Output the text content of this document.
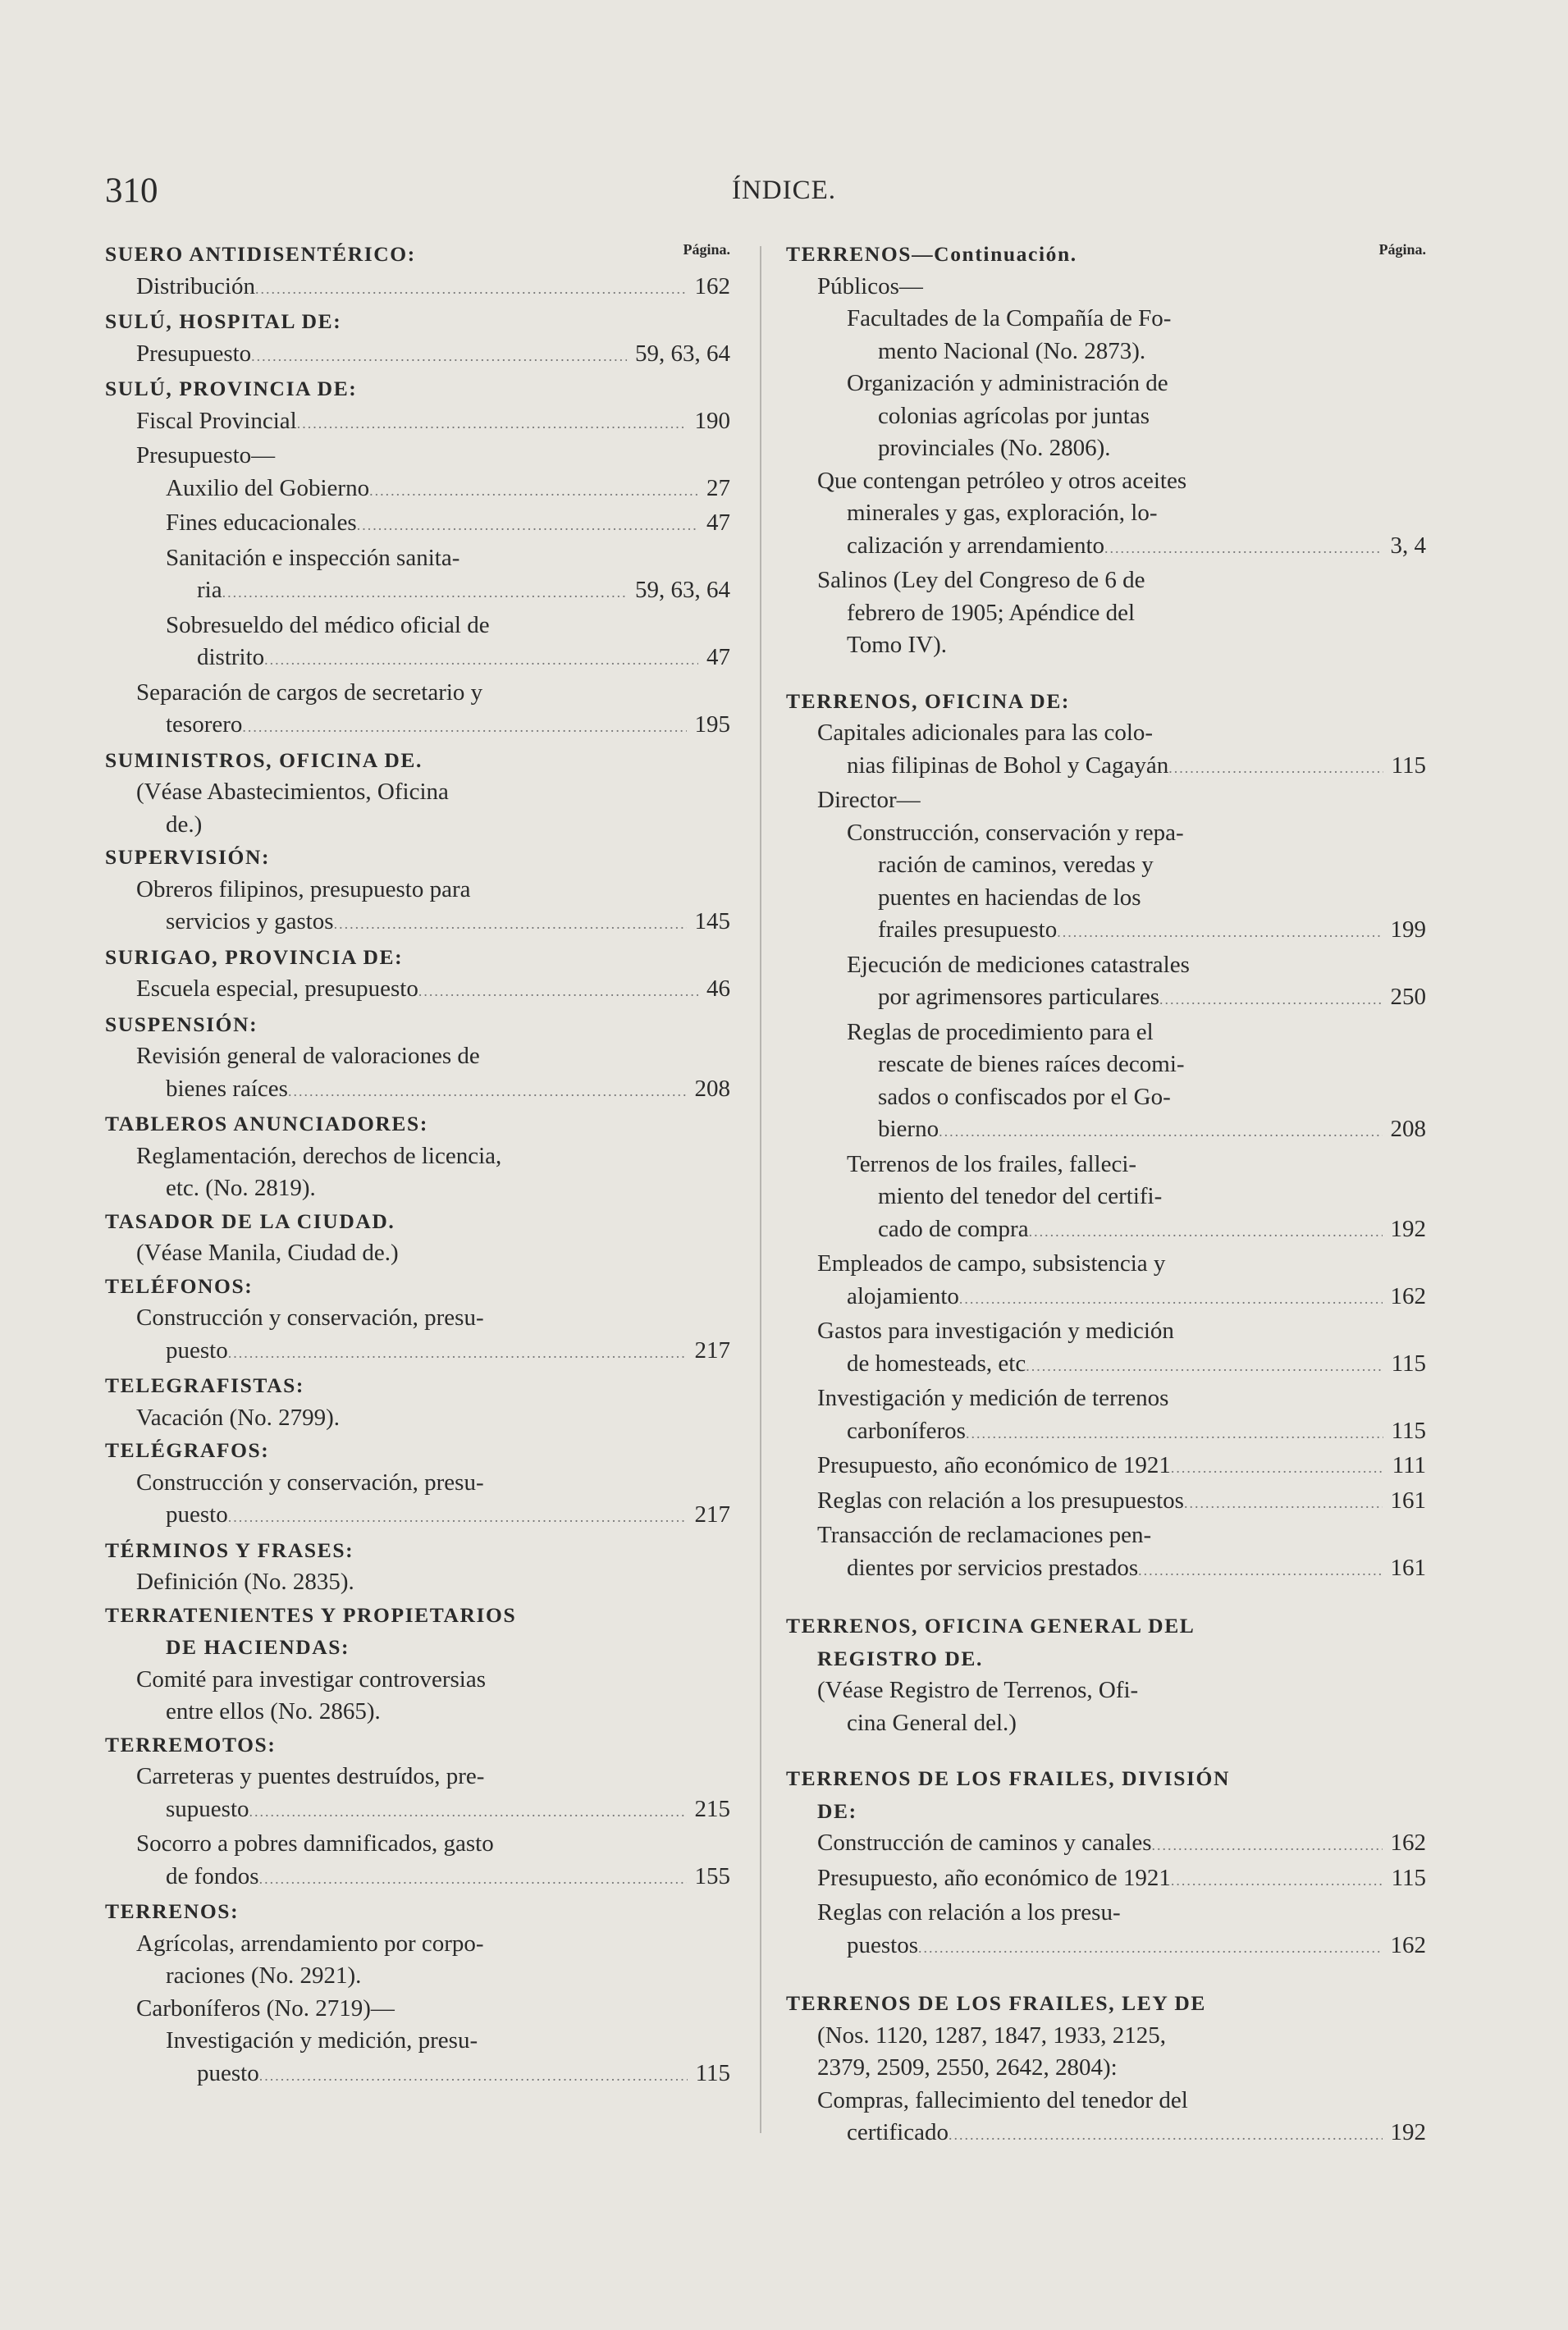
310	ÍNDICE.
Página.
SUERO ANTIDISENTÉRICO:
Distribución .....	162
SULÚ, HOSPITAL DE:
Presupuesto .....	59, 63, 64
SULÚ, PROVINCIA DE:
Fiscal Provincial .....	190
Presupuesto—
Auxilio del Gobierno .....	27
Fines educacionales .....	47
Sanitación e inspección sanita-
ria .....	59, 63, 64
Sobresueldo del médico oficial de
distrito .....	47
Separación de cargos de secretario y
tesorero .....	195
SUMINISTROS, OFICINA DE.
(Véase Abastecimientos, Oficina
de.)
SUPERVISIÓN:
Obreros filipinos, presupuesto para
servicios y gastos .....	145
SURIGAO, PROVINCIA DE:
Escuela especial, presupuesto .....	46
SUSPENSIÓN:
Revisión general de valoraciones de
bienes raíces .....	208
TABLEROS ANUNCIADORES:
Reglamentación, derechos de licencia,
etc. (No. 2819).
TASADOR DE LA CIUDAD.
(Véase Manila, Ciudad de.)
TELÉFONOS:
Construcción y conservación, presu-
puesto .....	217
TELEGRAFISTAS:
Vacación (No. 2799).
TELÉGRAFOS:
Construcción y conservación, presu-
puesto .....	217
TÉRMINOS Y FRASES:
Definición (No. 2835).
TERRATENIENTES Y PROPIETARIOS
DE HACIENDAS:
Comité para investigar controversias
entre ellos (No. 2865).
TERREMOTOS:
Carreteras y puentes destruídos, pre-
supuesto .....	215
Socorro a pobres damnificados, gasto
de fondos .....	155
TERRENOS:
Agrícolas, arrendamiento por corpo-
raciones (No. 2921).
Carboníferos (No. 2719)—
Investigación y medición, presu-
puesto .....	115
Página.
TERRENOS—Continuación.
Públicos—
Facultades de la Compañía de Fo-
mento Nacional (No. 2873).
Organización y administración de
colonias agrícolas por juntas
provinciales (No. 2806).
Que contengan petróleo y otros aceites
minerales y gas, exploración, lo-
calización y arrendamiento .....	3, 4
Salinos (Ley del Congreso de 6 de
febrero de 1905; Apéndice del
Tomo IV).
TERRENOS, OFICINA DE:
Capitales adicionales para las colo-
nias filipinas de Bohol y Cagayán .....	115
Director—
Construcción, conservación y repa-
ración de caminos, veredas y
puentes en haciendas de los
frailes presupuesto .....	199
Ejecución de mediciones catastrales
por agrimensores particulares .....	250
Reglas de procedimiento para el
rescate de bienes raíces decomi-
sados o confiscados por el Go-
bierno .....	208
Terrenos de los frailes, falleci-
miento del tenedor del certifi-
cado de compra .....	192
Empleados de campo, subsistencia y
alojamiento .....	162
Gastos para investigación y medición
de homesteads, etc .....	115
Investigación y medición de terrenos
carboníferos .....	115
Presupuesto, año económico de 1921 .....	111
Reglas con relación a los presupuestos .....	161
Transacción de reclamaciones pen-
dientes por servicios prestados .....	161
TERRENOS, OFICINA GENERAL DEL
REGISTRO DE.
(Véase Registro de Terrenos, Ofi-
cina General del.)
TERRENOS DE LOS FRAILES, DIVISIÓN
DE:
Construcción de caminos y canales .....	162
Presupuesto, año económico de 1921 .....	115
Reglas con relación a los presu-
puestos .....	162
TERRENOS DE LOS FRAILES, LEY DE
(Nos. 1120, 1287, 1847, 1933, 2125,
2379, 2509, 2550, 2642, 2804):
Compras, fallecimiento del tenedor del
certificado .....	192
